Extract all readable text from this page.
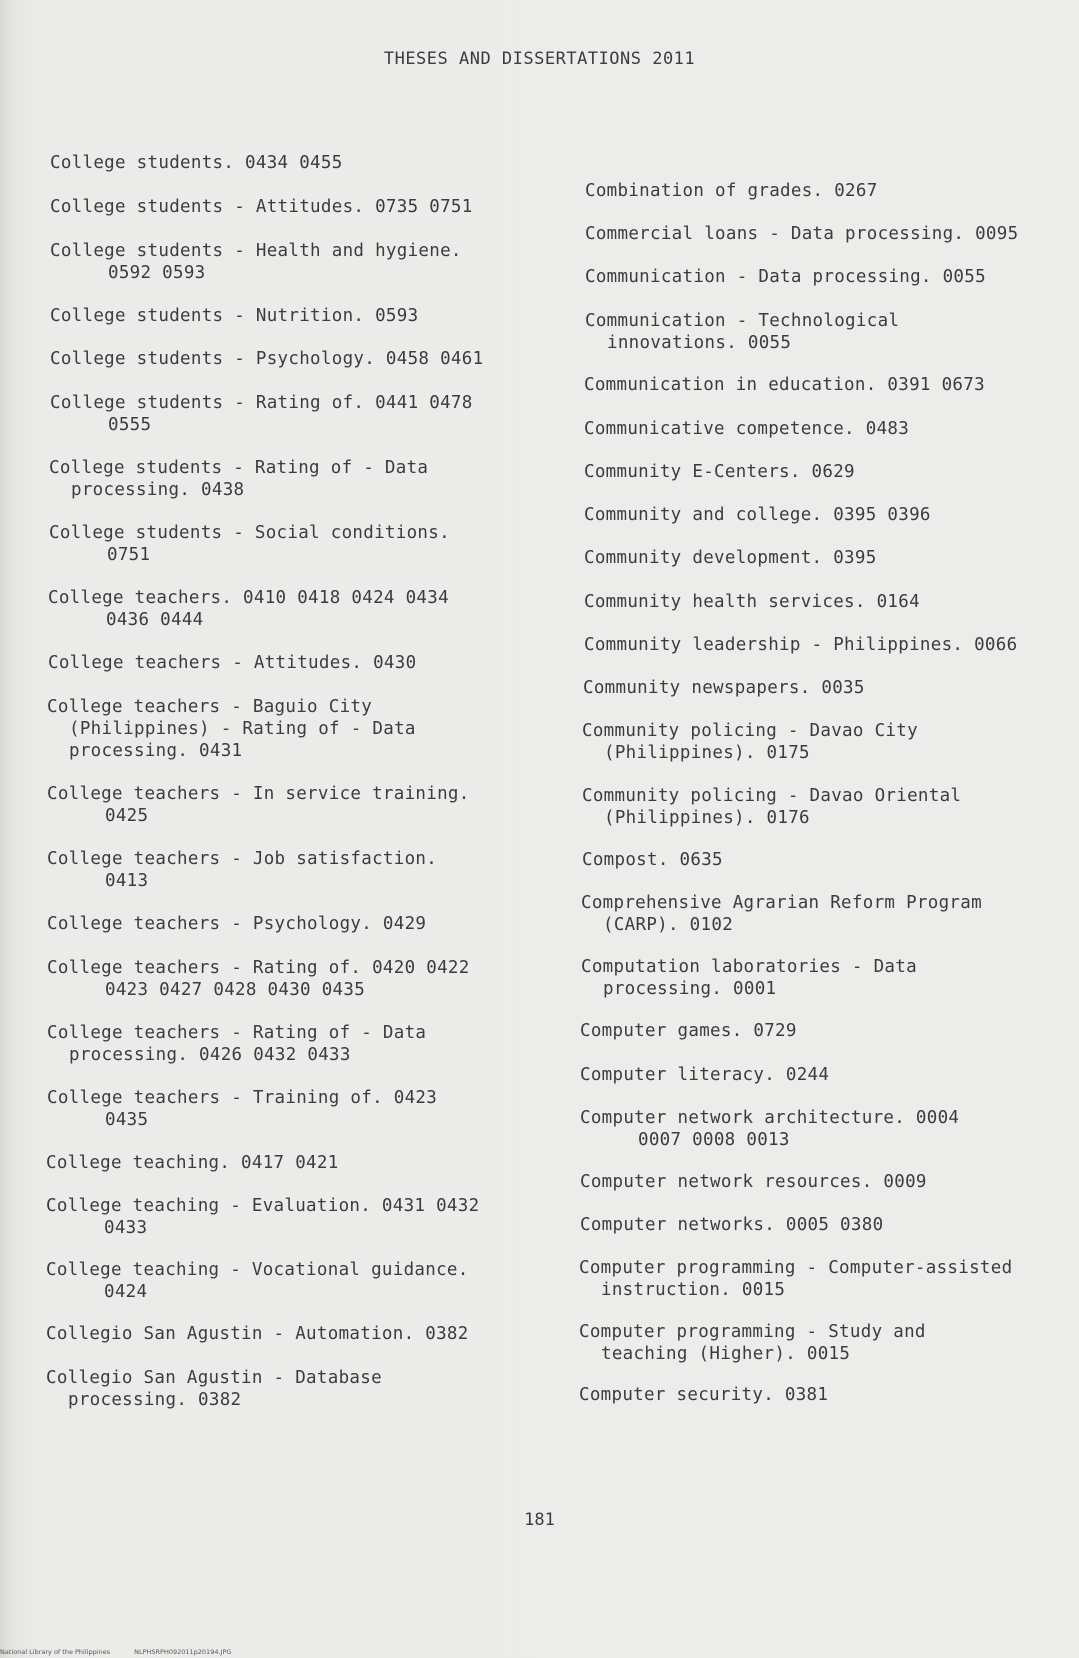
THESES AND DISSERTATIONS 2011
College students. 0434 0455
College students - Attitudes. 0735 0751
College students - Health and hygiene.
0592 0593
College students - Nutrition. 0593
College students - Psychology. 0458 0461
College students - Rating of. 0441 0478
0555
College students - Rating of - Data
processing. 0438
College students - Social conditions.
0751
College teachers. 0410 0418 0424 0434
0436 0444
College teachers - Attitudes. 0430
College teachers - Baguio City
(Philippines) - Rating of - Data
processing. 0431
College teachers - In service training.
0425
College teachers - Job satisfaction.
0413
College teachers - Psychology. 0429
College teachers - Rating of. 0420 0422
0423 0427 0428 0430 0435
College teachers - Rating of - Data
processing. 0426 0432 0433
College teachers - Training of. 0423
0435
College teaching. 0417 0421
College teaching - Evaluation. 0431 0432
0433
College teaching - Vocational guidance.
0424
Collegio San Agustin - Automation. 0382
Collegio San Agustin - Database
processing. 0382
Combination of grades. 0267
Commercial loans - Data processing. 0095
Communication - Data processing. 0055
Communication - Technological
innovations. 0055
Communication in education. 0391 0673
Communicative competence. 0483
Community E-Centers. 0629
Community and college. 0395 0396
Community development. 0395
Community health services. 0164
Community leadership - Philippines. 0066
Community newspapers. 0035
Community policing - Davao City
(Philippines). 0175
Community policing - Davao Oriental
(Philippines). 0176
Compost. 0635
Comprehensive Agrarian Reform Program
(CARP). 0102
Computation laboratories - Data
processing. 0001
Computer games. 0729
Computer literacy. 0244
Computer network architecture. 0004
0007 0008 0013
Computer network resources. 0009
Computer networks. 0005 0380
Computer programming - Computer-assisted
instruction. 0015
Computer programming - Study and
teaching (Higher). 0015
Computer security. 0381
181
National Library of the Philippines	NLPHSRPH092011p20194.JPG
